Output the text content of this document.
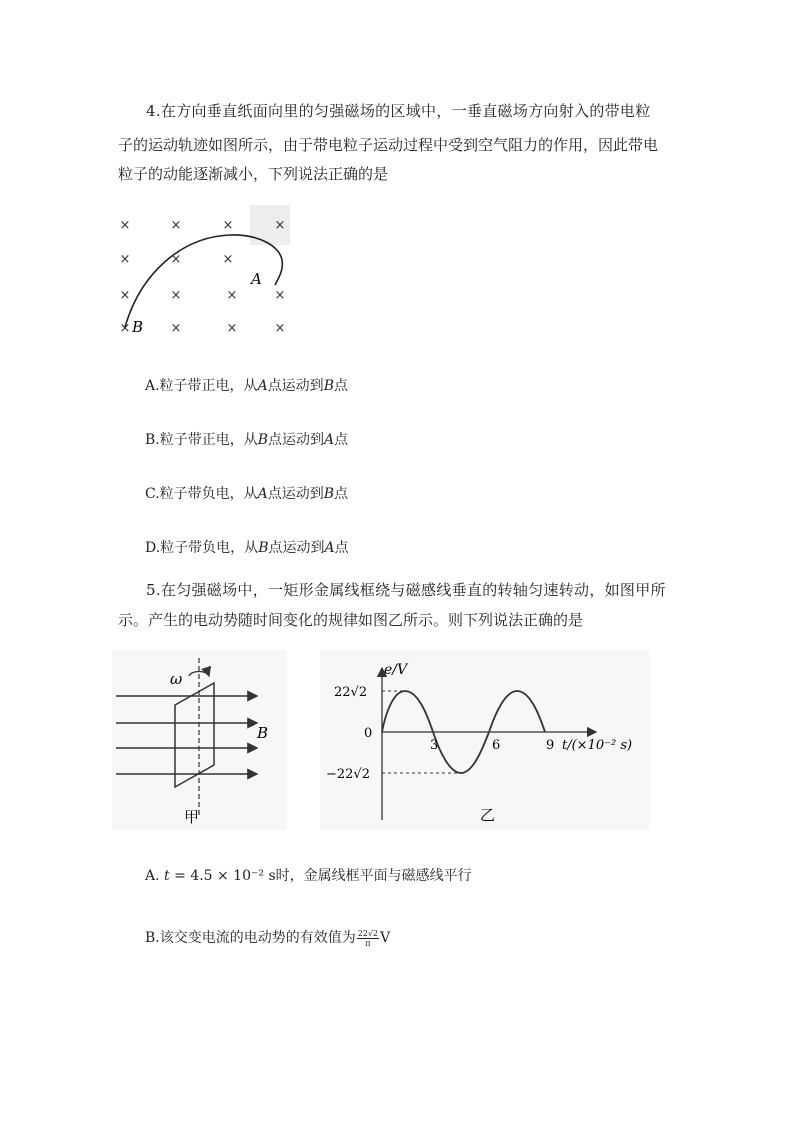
4.在方向垂直纸面向里的匀强磁场的区域中，一垂直磁场方向射入的带电粒

子的运动轨迹如图所示，由于带电粒子运动过程中受到空气阻力的作用，因此带电

粒子的动能逐渐减小，下列说法正确的是

×	×	×	×
×	×	×
×	×	×	×
×	×	×	×
A
B

A.粒子带正电，从A点运动到B点

B.粒子带正电，从B点运动到A点

C.粒子带负电，从A点运动到B点

D.粒子带负电，从B点运动到A点

5.在匀强磁场中，一矩形金属线框绕与磁感线垂直的转轴匀速转动，如图甲所

示。产生的电动势随时间变化的规律如图乙所示。则下列说法正确的是

ω
B
甲
e/V
22√2
−22√2
0
3	6	9 t/(×10⁻² s)
乙

A. t = 4.5 × 10⁻² s时，金属线框平面与磁感线平行

B.该交变电流的电动势的有效值为 $\frac{22√2}{\pi}$ V
